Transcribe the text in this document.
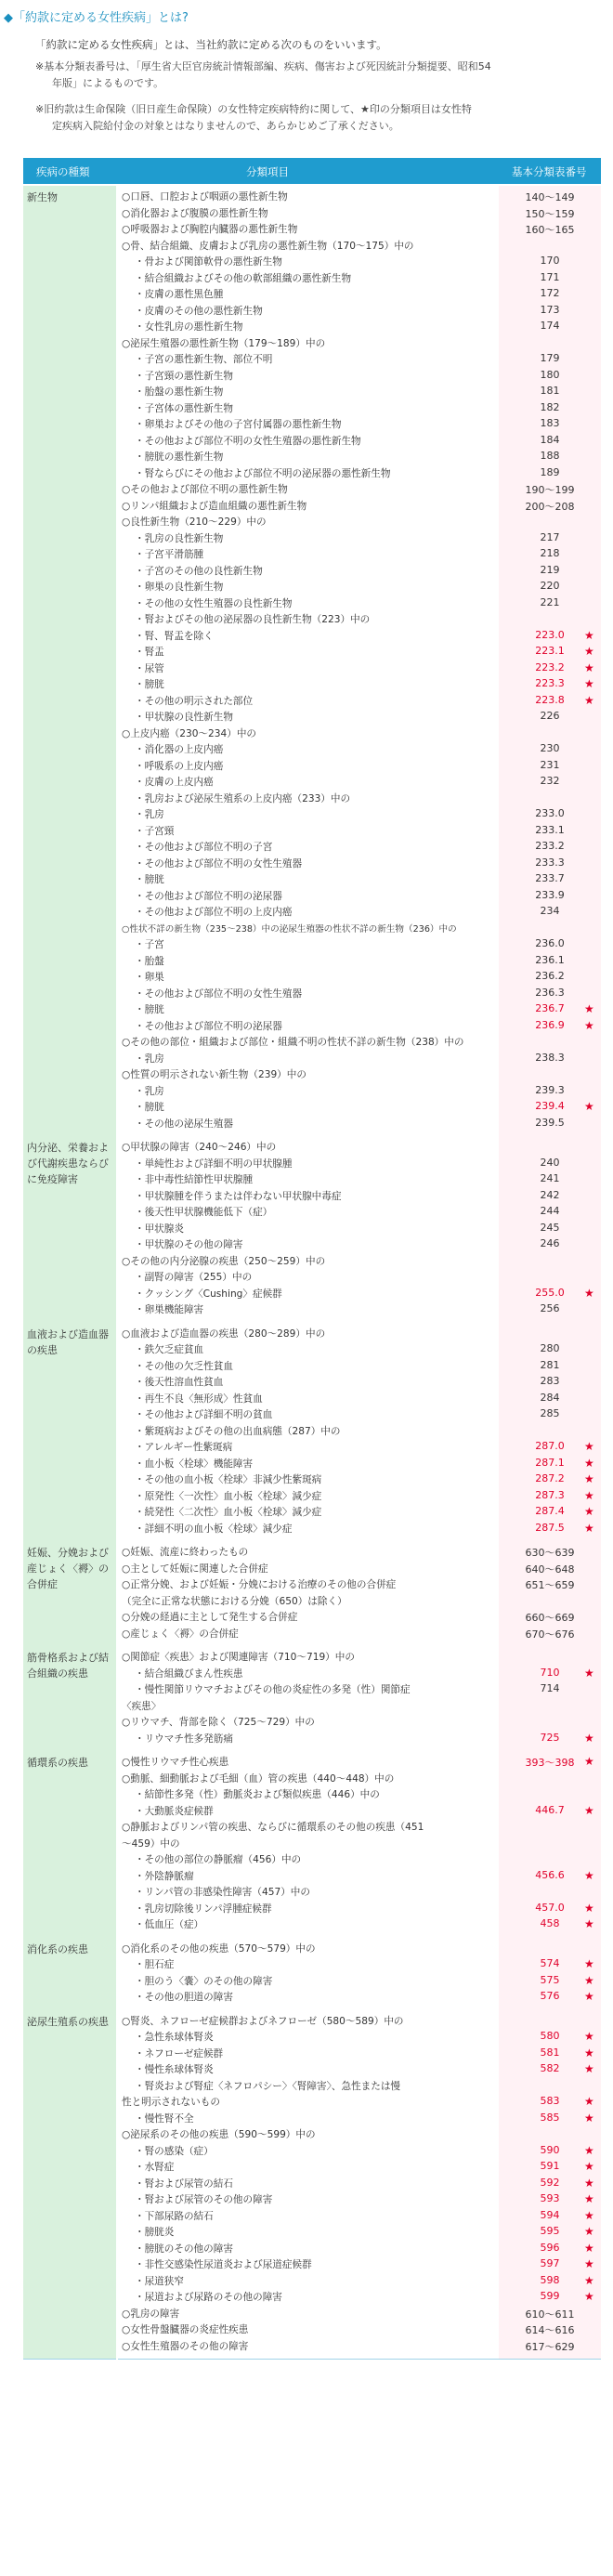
◆「約款に定める女性疾病」とは?
「約款に定める女性疾病」とは、当社約款に定める次のものをいいます。
※基本分類表番号は、「厚生省大臣官房統計情報部編、疾病、傷害および死因統計分類提要、昭和54
年版」によるものです。
※旧約款は生命保険（旧日産生命保険）の女性特定疾病特約に関して、★印の分類項目は女性特
定疾病入院給付金の対象とはなりませんので、あらかじめご了承ください。
疾病の種類	分類項目	基本分類表番号
新生物	○口唇、口腔および咽頭の悪性新生物	140～149
○消化器および腹膜の悪性新生物	150～159
○呼吸器および胸腔内臓器の悪性新生物	160～165
○骨、結合組織、皮膚および乳房の悪性新生物（170～175）中の
・骨および関節軟骨の悪性新生物	170
・結合組織およびその他の軟部組織の悪性新生物	171
・皮膚の悪性黒色腫	172
・皮膚のその他の悪性新生物	173
・女性乳房の悪性新生物	174
○泌尿生殖器の悪性新生物（179～189）中の
・子宮の悪性新生物、部位不明	179
・子宮頸の悪性新生物	180
・胎盤の悪性新生物	181
・子宮体の悪性新生物	182
・卵巣およびその他の子宮付属器の悪性新生物	183
・その他および部位不明の女性生殖器の悪性新生物	184
・膀胱の悪性新生物	188
・腎ならびにその他および部位不明の泌尿器の悪性新生物	189
○その他および部位不明の悪性新生物	190～199
○リンパ組織および造血組織の悪性新生物	200～208
○良性新生物（210～229）中の
・乳房の良性新生物	217
・子宮平滑筋腫	218
・子宮のその他の良性新生物	219
・卵巣の良性新生物	220
・その他の女性生殖器の良性新生物	221
・腎およびその他の泌尿器の良性新生物（223）中の
・腎、腎盂を除く	223.0	★
・腎盂	223.1	★
・尿管	223.2	★
・膀胱	223.3	★
・その他の明示された部位	223.8	★
・甲状腺の良性新生物	226
○上皮内癌（230～234）中の
・消化器の上皮内癌	230
・呼吸系の上皮内癌	231
・皮膚の上皮内癌	232
・乳房および泌尿生殖系の上皮内癌（233）中の
・乳房	233.0
・子宮頸	233.1
・その他および部位不明の子宮	233.2
・その他および部位不明の女性生殖器	233.3
・膀胱	233.7
・その他および部位不明の泌尿器	233.9
・その他および部位不明の上皮内癌	234
○性状不詳の新生物（235～238）中の泌尿生殖器の性状不詳の新生物（236）中の
・子宮	236.0
・胎盤	236.1
・卵巣	236.2
・その他および部位不明の女性生殖器	236.3
・膀胱	236.7	★
・その他および部位不明の泌尿器	236.9	★
○その他の部位・組織および部位・組織不明の性状不詳の新生物（238）中の
・乳房	238.3
○性質の明示されない新生物（239）中の
・乳房	239.3
・膀胱	239.4	★
・その他の泌尿生殖器	239.5
内分泌、栄養および代謝疾患ならびに免疫障害
○甲状腺の障害（240～246）中の
・単純性および詳細不明の甲状腺腫	240
・非中毒性結節性甲状腺腫	241
・甲状腺腫を伴うまたは伴わない甲状腺中毒症	242
・後天性甲状腺機能低下（症）	244
・甲状腺炎	245
・甲状腺のその他の障害	246
○その他の内分泌腺の疾患（250～259）中の
・副腎の障害（255）中の
・クッシング〈Cushing〉症候群	255.0	★
・卵巣機能障害	256
血液および造血器の疾患
○血液および造血器の疾患（280～289）中の
・鉄欠乏症貧血	280
・その他の欠乏性貧血	281
・後天性溶血性貧血	283
・再生不良〈無形成〉性貧血	284
・その他および詳細不明の貧血	285
・紫斑病およびその他の出血病態（287）中の
・アレルギー性紫斑病	287.0	★
・血小板〈栓球〉機能障害	287.1	★
・その他の血小板〈栓球〉非減少性紫斑病	287.2	★
・原発性〈一次性〉血小板〈栓球〉減少症	287.3	★
・続発性〈二次性〉血小板〈栓球〉減少症	287.4	★
・詳細不明の血小板〈栓球〉減少症	287.5	★
妊娠、分娩および産じょく〈褥〉の合併症
○妊娠、流産に終わったもの	630～639
○主として妊娠に関連した合併症	640～648
○正常分娩、および妊娠・分娩における治療のその他の合併症	651～659
（完全に正常な状態における分娩（650）は除く）
○分娩の経過に主として発生する合併症	660～669
○産じょく〈褥〉の合併症	670～676
筋骨格系および結合組織の疾患
○関節症〈疾患〉および関連障害（710～719）中の
・結合組織びまん性疾患	710	★
・慢性関節リウマチおよびその他の炎症性の多発（性）関節症	714
〈疾患〉
○リウマチ、背部を除く（725～729）中の
・リウマチ性多発筋痛	725	★
循環系の疾患	○慢性リウマチ性心疾患	393～398 ★
○動脈、細動脈および毛細（血）管の疾患（440～448）中の
・結節性多発（性）動脈炎および類似疾患（446）中の
・大動脈炎症候群	446.7	★
○静脈およびリンパ管の疾患、ならびに循環系のその他の疾患（451
～459）中の
・その他の部位の静脈瘤（456）中の
・外陰静脈瘤	456.6	★
・リンパ管の非感染性障害（457）中の
・乳房切除後リンパ浮腫症候群	457.0	★
・低血圧（症）	458	★
消化系の疾患	○消化系のその他の疾患（570～579）中の
・胆石症	574	★
・胆のう〈嚢〉のその他の障害	575	★
・その他の胆道の障害	576	★
泌尿生殖系の疾患	○腎炎、ネフローゼ症候群およびネフローゼ（580～589）中の
・急性糸球体腎炎	580	★
・ネフローゼ症候群	581	★
・慢性糸球体腎炎	582	★
・腎炎および腎症〈ネフロパシー〉〈腎障害〉、急性または慢
性と明示されないもの	583	★
・慢性腎不全	585	★
○泌尿系のその他の疾患（590～599）中の
・腎の感染（症）	590	★
・水腎症	591	★
・腎および尿管の結石	592	★
・腎および尿管のその他の障害	593	★
・下部尿路の結石	594	★
・膀胱炎	595	★
・膀胱のその他の障害	596	★
・非性交感染性尿道炎および尿道症候群	597	★
・尿道狭窄	598	★
・尿道および尿路のその他の障害	599	★
○乳房の障害	610～611
○女性骨盤臓器の炎症性疾患	614～616
○女性生殖器のその他の障害	617～629
